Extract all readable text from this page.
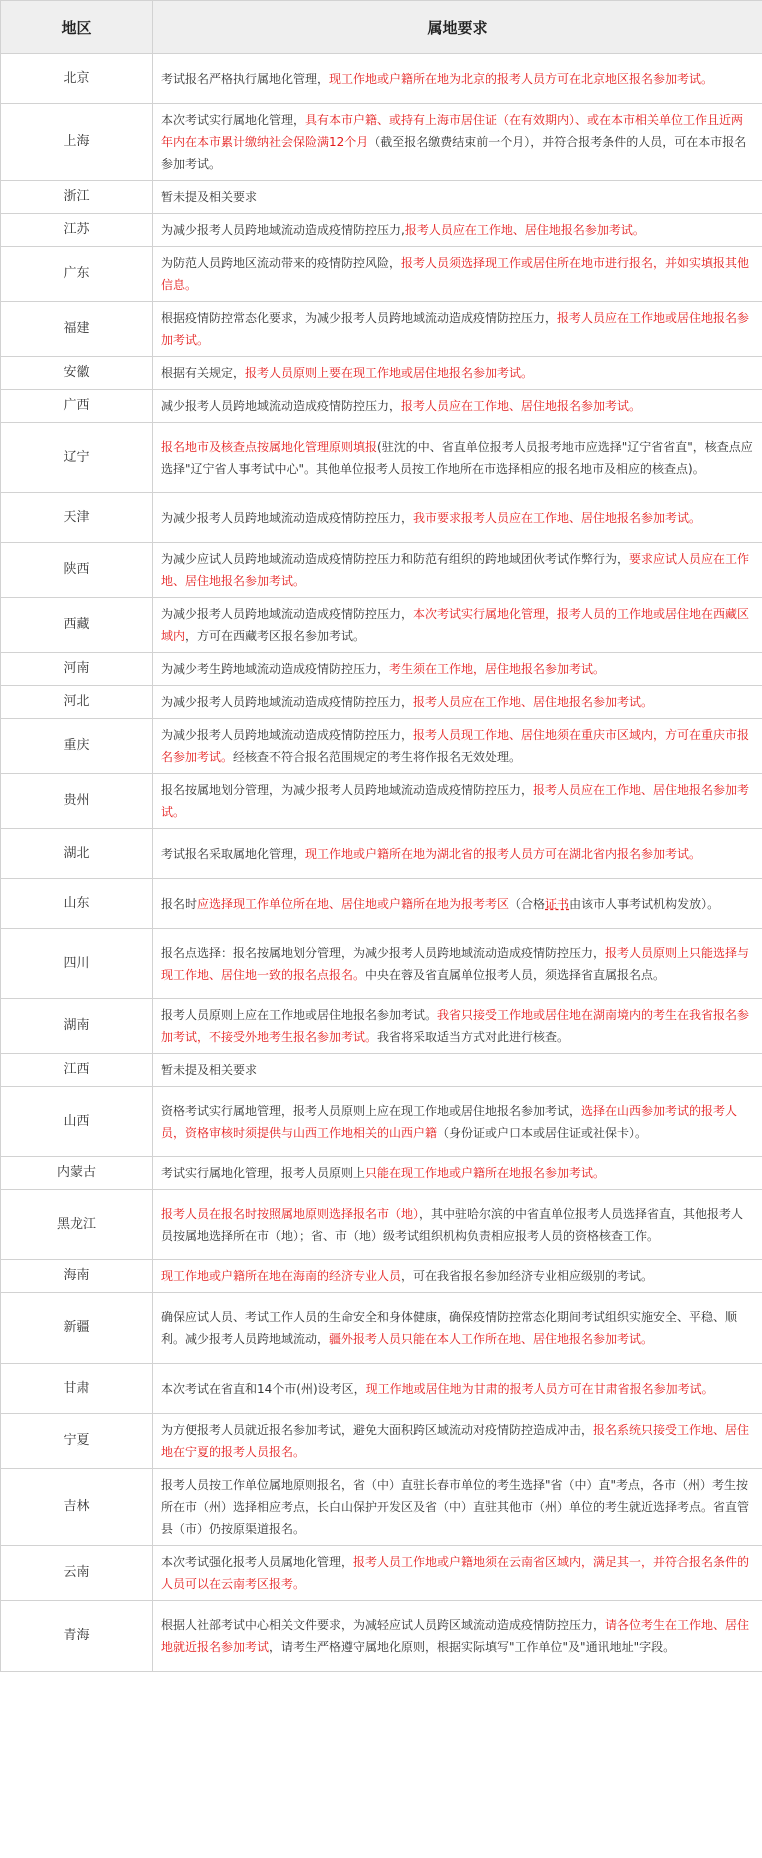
地区	属地要求
北京	考试报名严格执行属地化管理，现工作地或户籍所在地为北京的报考人员方可在北京地区报名参加考试。
上海	本次考试实行属地化管理，具有本市户籍、或持有上海市居住证（在有效期内）、或在本市相关单位工作且近两年内在本市累计缴纳社会保险满12个月（截至报名缴费结束前一个月），并符合报考条件的人员，可在本市报名参加考试。
浙江	暂未提及相关要求
江苏	为减少报考人员跨地域流动造成疫情防控压力,报考人员应在工作地、居住地报名参加考试。
广东	为防范人员跨地区流动带来的疫情防控风险，报考人员须选择现工作或居住所在地市进行报名，并如实填报其他信息。
福建	根据疫情防控常态化要求，为减少报考人员跨地域流动造成疫情防控压力，报考人员应在工作地或居住地报名参加考试。
安徽	根据有关规定，报考人员原则上要在现工作地或居住地报名参加考试。
广西	减少报考人员跨地域流动造成疫情防控压力，报考人员应在工作地、居住地报名参加考试。
辽宁	报名地市及核查点按属地化管理原则填报(驻沈的中、省直单位报考人员报考地市应选择"辽宁省省直"，核查点应选择"辽宁省人事考试中心"。其他单位报考人员按工作地所在市选择相应的报名地市及相应的核查点)。
天津	为减少报考人员跨地域流动造成疫情防控压力，我市要求报考人员应在工作地、居住地报名参加考试。
陕西	为减少应试人员跨地域流动造成疫情防控压力和防范有组织的跨地域团伙考试作弊行为，要求应试人员应在工作地、居住地报名参加考试。
西藏	为减少报考人员跨地域流动造成疫情防控压力，本次考试实行属地化管理，报考人员的工作地或居住地在西藏区域内，方可在西藏考区报名参加考试。
河南	为减少考生跨地域流动造成疫情防控压力，考生须在工作地，居住地报名参加考试。
河北	为减少报考人员跨地域流动造成疫情防控压力，报考人员应在工作地、居住地报名参加考试。
重庆	为减少报考人员跨地域流动造成疫情防控压力，报考人员现工作地、居住地须在重庆市区域内，方可在重庆市报名参加考试。经核查不符合报名范围规定的考生将作报名无效处理。
贵州	报名按属地划分管理，为减少报考人员跨地域流动造成疫情防控压力，报考人员应在工作地、居住地报名参加考试。
湖北	考试报名采取属地化管理，现工作地或户籍所在地为湖北省的报考人员方可在湖北省内报名参加考试。
山东	报名时应选择现工作单位所在地、居住地或户籍所在地为报考考区（合格证书由该市人事考试机构发放）。
四川	报名点选择：报名按属地划分管理，为减少报考人员跨地域流动造成疫情防控压力，报考人员原则上只能选择与现工作地、居住地一致的报名点报名。中央在蓉及省直属单位报考人员，须选择省直属报名点。
湖南	报考人员原则上应在工作地或居住地报名参加考试。我省只接受工作地或居住地在湖南境内的考生在我省报名参加考试，不接受外地考生报名参加考试。我省将采取适当方式对此进行核查。
江西	暂未提及相关要求
山西	资格考试实行属地管理，报考人员原则上应在现工作地或居住地报名参加考试，选择在山西参加考试的报考人员，资格审核时须提供与山西工作地相关的山西户籍（身份证或户口本或居住证或社保卡）。
内蒙古	考试实行属地化管理，报考人员原则上只能在现工作地或户籍所在地报名参加考试。
黑龙江	报考人员在报名时按照属地原则选择报名市（地），其中驻哈尔滨的中省直单位报考人员选择省直，其他报考人员按属地选择所在市（地）；省、市（地）级考试组织机构负责相应报考人员的资格核查工作。
海南	现工作地或户籍所在地在海南的经济专业人员，可在我省报名参加经济专业相应级别的考试。
新疆	确保应试人员、考试工作人员的生命安全和身体健康，确保疫情防控常态化期间考试组织实施安全、平稳、顺利。减少报考人员跨地域流动，疆外报考人员只能在本人工作所在地、居住地报名参加考试。
甘肃	本次考试在省直和14个市(州)设考区，现工作地或居住地为甘肃的报考人员方可在甘肃省报名参加考试。
宁夏	为方便报考人员就近报名参加考试，避免大面积跨区域流动对疫情防控造成冲击，报名系统只接受工作地、居住地在宁夏的报考人员报名。
吉林	报考人员按工作单位属地原则报名，省（中）直驻长春市单位的考生选择"省（中）直"考点，各市（州）考生按所在市（州）选择相应考点，长白山保护开发区及省（中）直驻其他市（州）单位的考生就近选择考点。省直管县（市）仍按原渠道报名。
云南	本次考试强化报考人员属地化管理，报考人员工作地或户籍地须在云南省区域内，满足其一，并符合报名条件的人员可以在云南考区报考。
青海	根据人社部考试中心相关文件要求，为减轻应试人员跨区域流动造成疫情防控压力，请各位考生在工作地、居住地就近报名参加考试，请考生严格遵守属地化原则，根据实际填写"工作单位"及"通讯地址"字段。
